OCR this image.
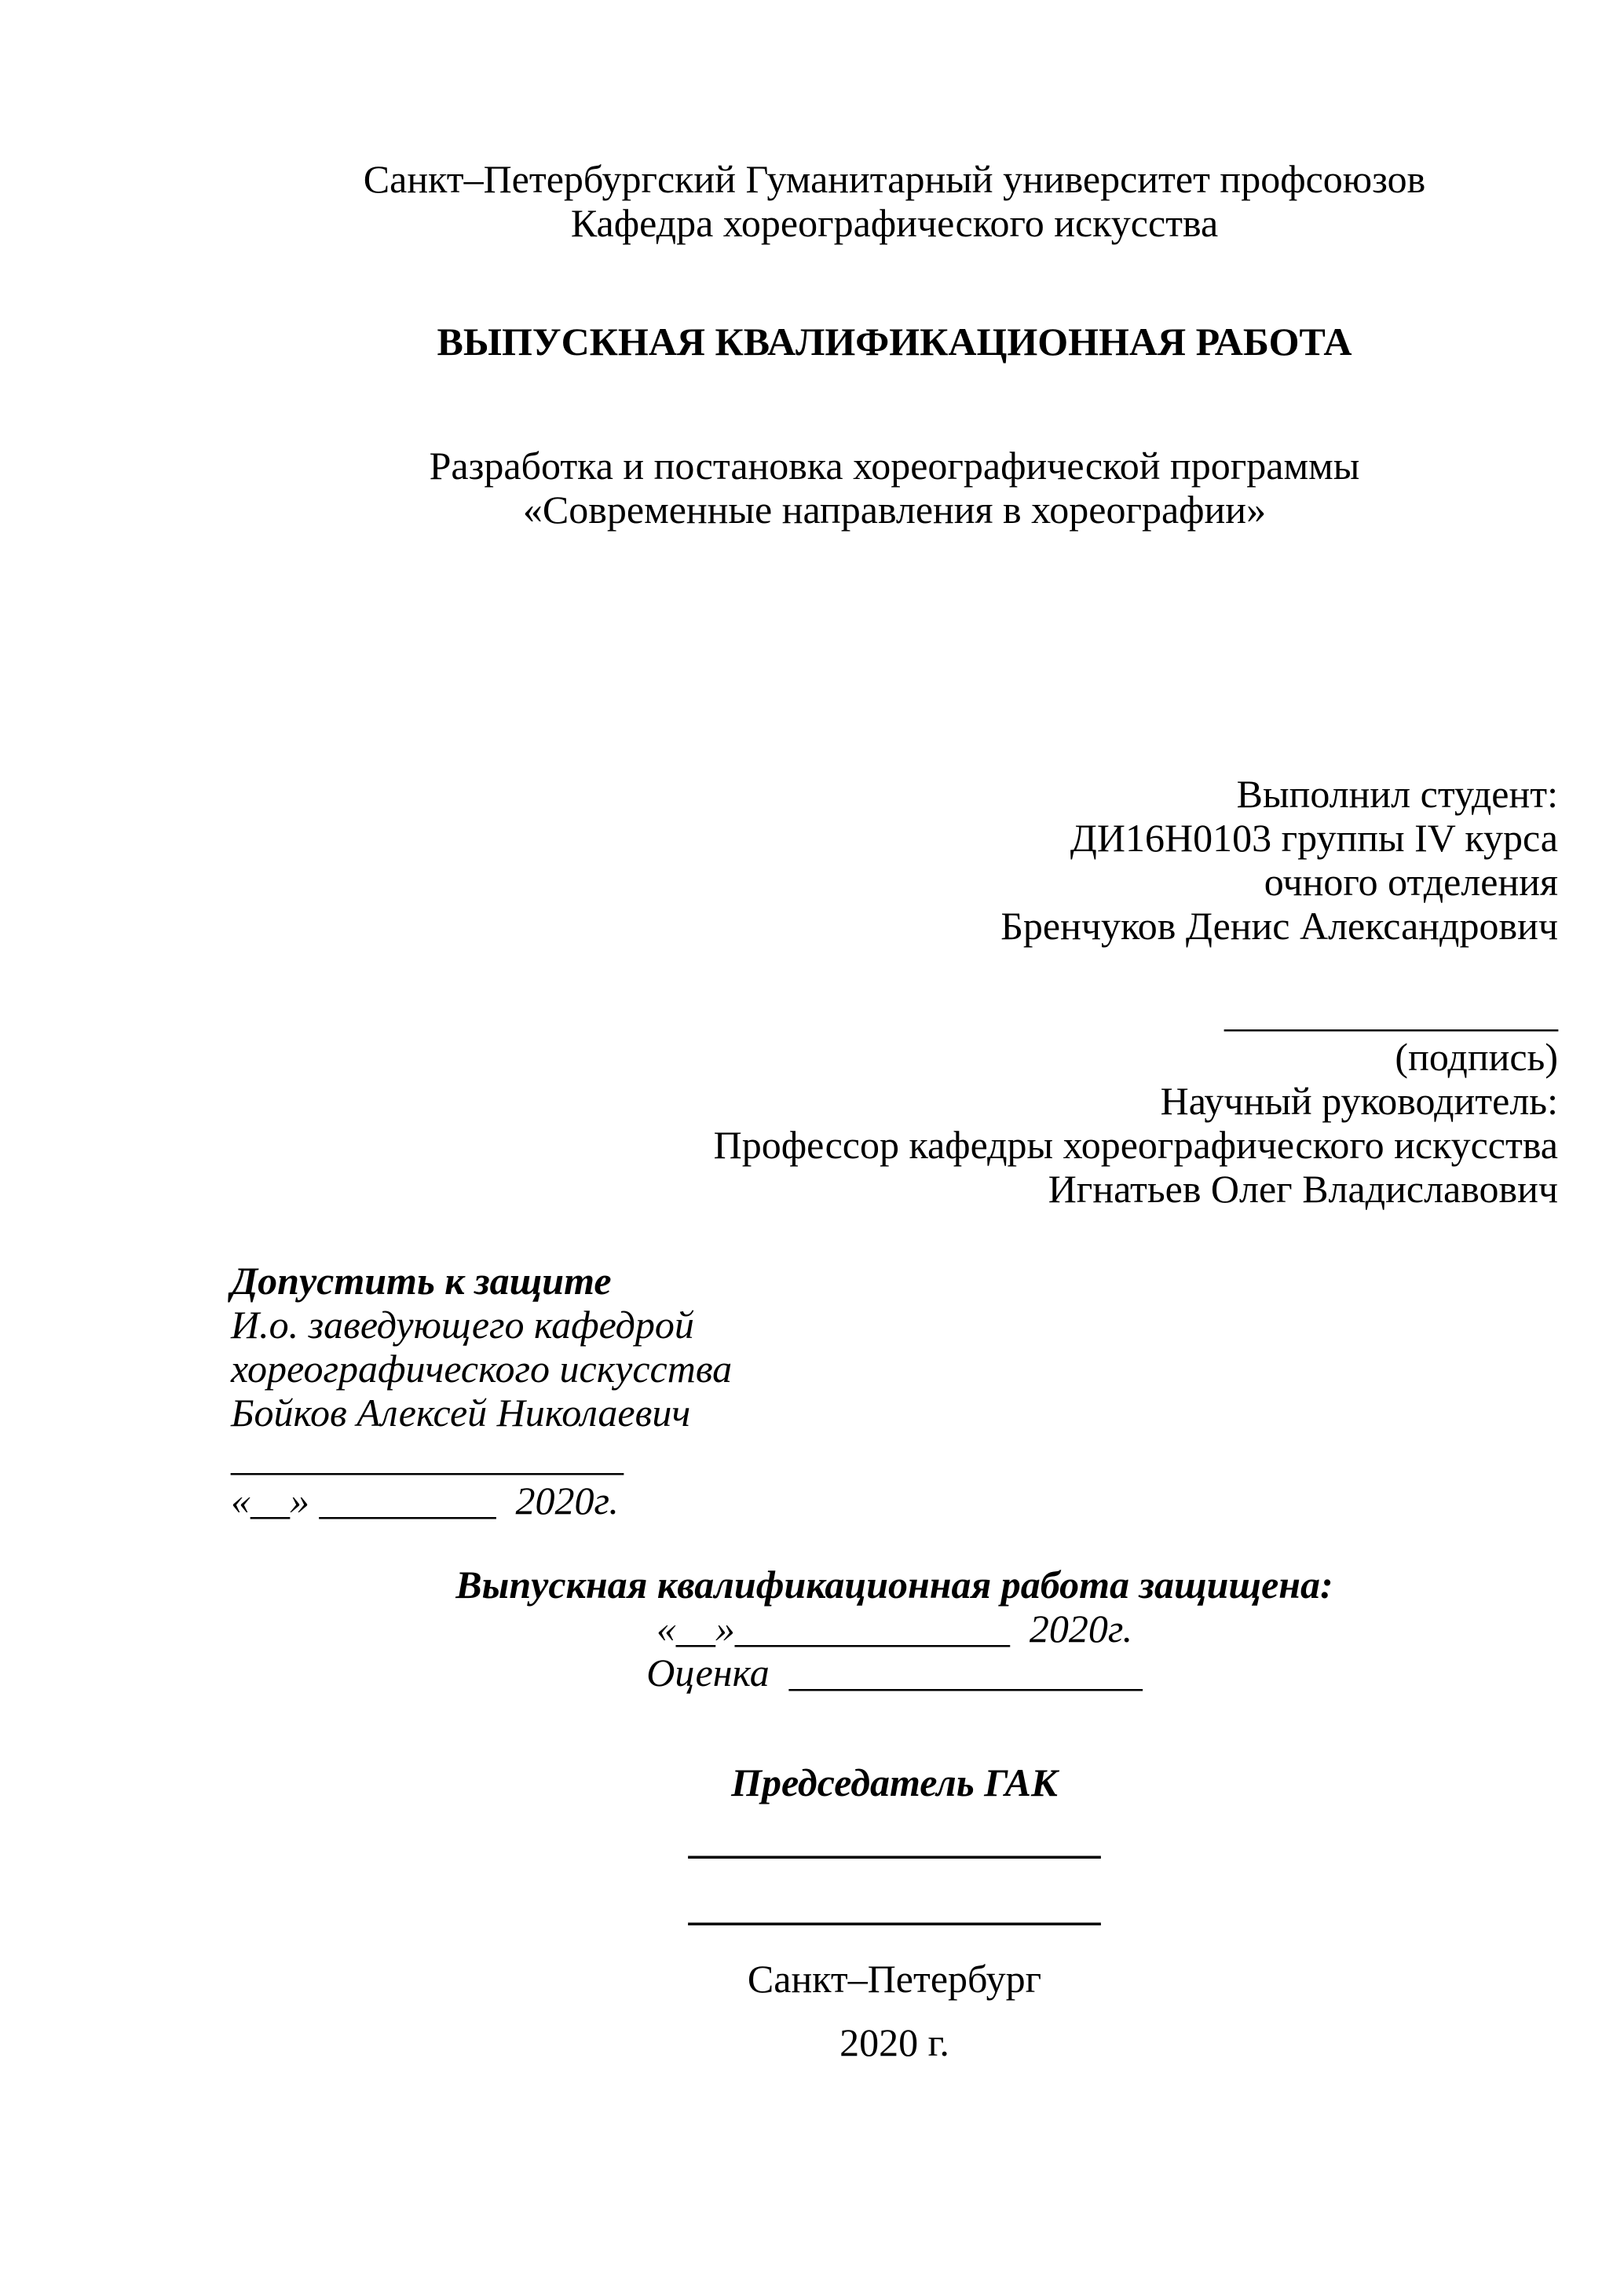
Санкт–Петербургский Гуманитарный университет профсоюзов
Кафедра хореографического искусства
ВЫПУСКНАЯ КВАЛИФИКАЦИОННАЯ РАБОТА
Разработка и постановка хореографической программы
«Современные направления в хореографии»
Выполнил студент:
ДИ16Н0103 группы IV курса
очного отделения
Бренчуков Денис Александрович
_________________
(подпись)
Научный руководитель:
Профессор кафедры хореографического искусства
Игнатьев Олег Владиславович
Допустить к защите
И.о. заведующего кафедрой
хореографического искусства
Бойков Алексей Николаевич
____________________
«__» _________  2020г.
Выпускная квалификационная работа защищена:
«__»______________  2020г.
Оценка  __________________
Председатель ГАК
_____________________
_____________________
Санкт–Петербург
2020 г.
